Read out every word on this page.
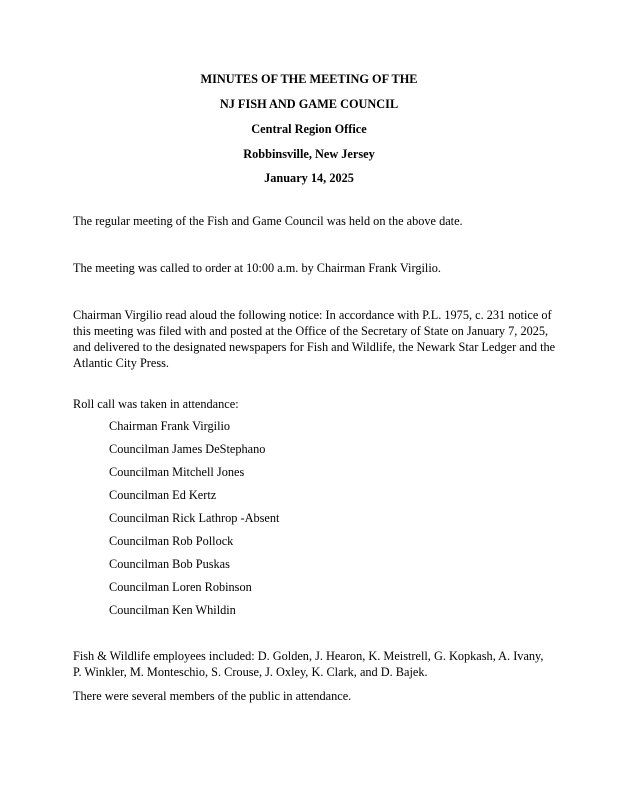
MINUTES OF THE MEETING OF THE
NJ FISH AND GAME COUNCIL
Central Region Office
Robbinsville, New Jersey
January 14, 2025

The regular meeting of the Fish and Game Council was held on the above date.

The meeting was called to order at 10:00 a.m. by Chairman Frank Virgilio.

Chairman Virgilio read aloud the following notice: In accordance with P.L. 1975, c. 231 notice of

this meeting was filed with and posted at the Office of the Secretary of State on January 7, 2025,

and delivered to the designated newspapers for Fish and Wildlife, the Newark Star Ledger and the

Atlantic City Press.

Roll call was taken in attendance:

Chairman Frank Virgilio
Councilman James DeStephano
Councilman Mitchell Jones
Councilman Ed Kertz
Councilman Rick Lathrop -Absent
Councilman Rob Pollock
Councilman Bob Puskas
Councilman Loren Robinson
Councilman Ken Whildin

Fish & Wildlife employees included: D. Golden, J. Hearon, K. Meistrell, G. Kopkash, A. Ivany,

P. Winkler, M. Monteschio, S. Crouse, J. Oxley, K. Clark, and D. Bajek.

There were several members of the public in attendance.
